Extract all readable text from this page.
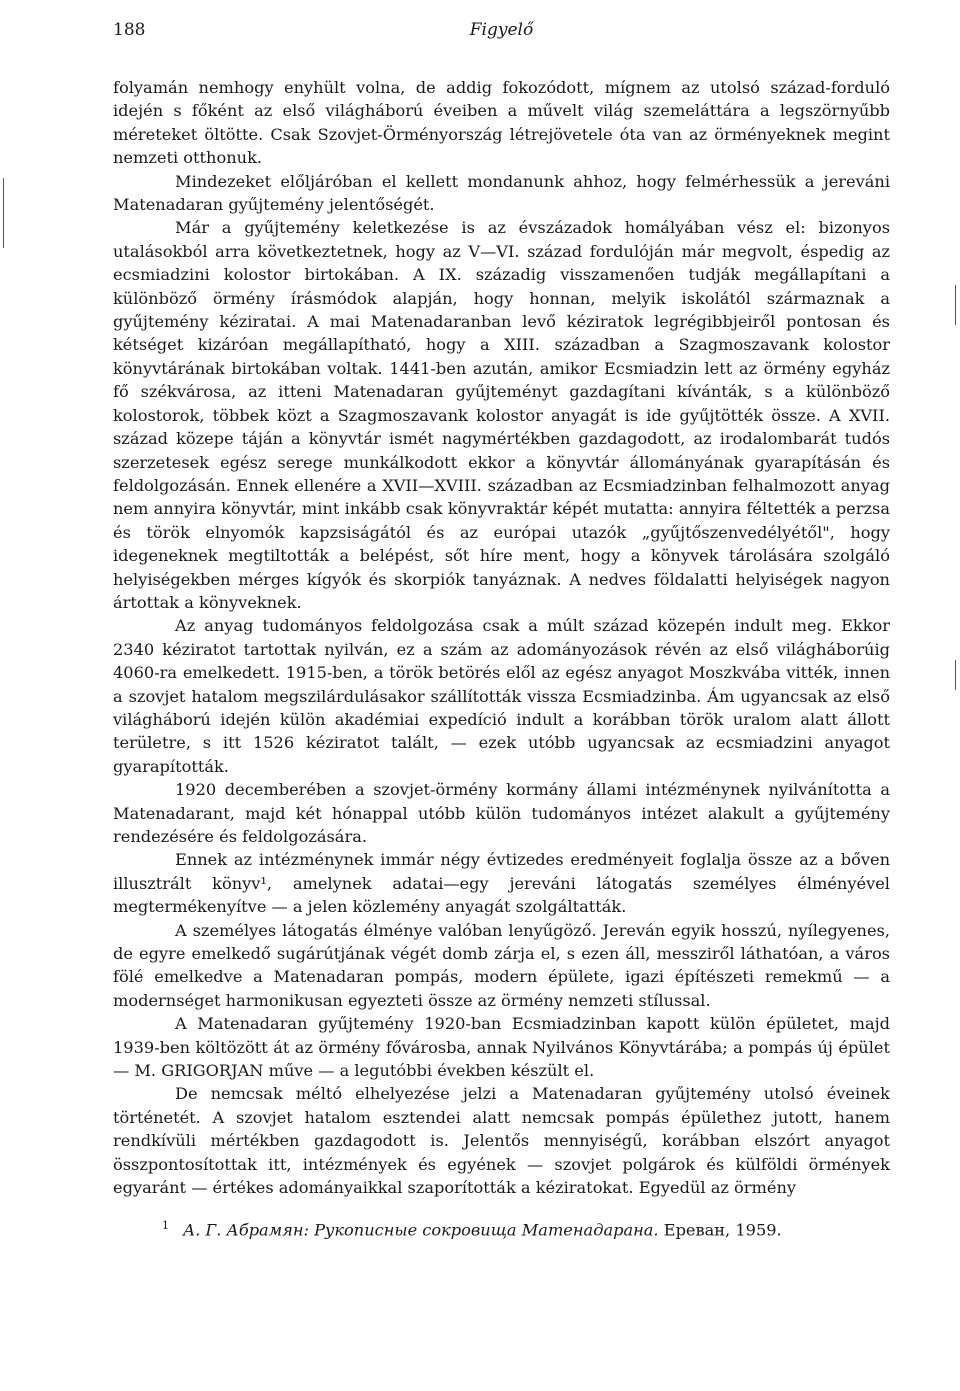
188	Figyelő

folyamán nemhogy enyhült volna, de addig fokozódott, mígnem az utolsó század-forduló idején s főként az első világháború éveiben a művelt világ szemeláttára a legszörnyűbb méreteket öltötte. Csak Szovjet-Örményország létrejövetele óta van az örményeknek megint nemzeti otthonuk.

Mindezeket előljáróban el kellett mondanunk ahhoz, hogy felmérhessük a jereváni Matenadaran gyűjtemény jelentőségét.

Már a gyűjtemény keletkezése is az évszázadok homályában vész el: bizonyos utalásokból arra következtetnek, hogy az V—VI. század fordulóján már megvolt, éspedig az ecsmiadzini kolostor birtokában. A IX. századig visszamenően tudják megállapítani a különböző örmény írásmódok alapján, hogy honnan, melyik iskolától származnak a gyűjtemény kéziratai. A mai Matenadaranban levő kéziratok legrégibbjeiről pontosan és kétséget kizáróan megállapítható, hogy a XIII. században a Szagmoszavank kolostor könyvtárának birtokában voltak. 1441-ben azután, amikor Ecsmiadzin lett az örmény egyház fő székvárosa, az itteni Matenadaran gyűjteményt gazdagítani kívánták, s a különböző kolostorok, többek közt a Szagmoszavank kolostor anyagát is ide gyűjtötték össze. A XVII. század közepe táján a könyvtár ismét nagymértékben gazdagodott, az irodalombarát tudós szerzetesek egész serege munkálkodott ekkor a könyvtár állományának gyarapításán és feldolgozásán. Ennek ellenére a XVII—XVIII. században az Ecsmiadzinban felhalmozott anyag nem annyira könyvtár, mint inkább csak könyvraktár képét mutatta: annyira féltették a perzsa és török elnyomók kapzsiságától és az európai utazók „gyűjtőszenvedélyétől", hogy idegeneknek megtiltották a belépést, sőt híre ment, hogy a könyvek tárolására szolgáló helyiségekben mérges kígyók és skorpiók tanyáznak. A nedves földalatti helyiségek nagyon ártottak a könyveknek.

Az anyag tudományos feldolgozása csak a múlt század közepén indult meg. Ekkor 2340 kéziratot tartottak nyilván, ez a szám az adományozások révén az első világháborúig 4060-ra emelkedett. 1915-ben, a török betörés elől az egész anyagot Moszkvába vitték, innen a szovjet hatalom megszilárdulásakor szállították vissza Ecsmiadzinba. Ám ugyancsak az első világháború idején külön akadémiai expedíció indult a korábban török uralom alatt állott területre, s itt 1526 kéziratot talált, — ezek utóbb ugyancsak az ecsmiadzini anyagot gyarapították.

1920 decemberében a szovjet-örmény kormány állami intézménynek nyilvánította a Matenadarant, majd két hónappal utóbb külön tudományos intézet alakult a gyűjtemény rendezésére és feldolgozására.

Ennek az intézménynek immár négy évtizedes eredményeit foglalja össze az a bőven illusztrált könyv¹, amelynek adatai—egy jereváni látogatás személyes élményével megtermékenyítve — a jelen közlemény anyagát szolgáltatták.

A személyes látogatás élménye valóban lenyűgöző. Jereván egyik hosszú, nyílegyenes, de egyre emelkedő sugárútjának végét domb zárja el, s ezen áll, messziről láthatóan, a város fölé emelkedve a Matenadaran pompás, modern épülete, igazi építészeti remekmű — a modernséget harmonikusan egyezteti össze az örmény nemzeti stílussal.

A Matenadaran gyűjtemény 1920-ban Ecsmiadzinban kapott külön épületet, majd 1939-ben költözött át az örmény fővárosba, annak Nyilvános Könyvtárába; a pompás új épület — M. GRIGORJAN műve — a legutóbbi években készült el.

De nemcsak méltó elhelyezése jelzi a Matenadaran gyűjtemény utolsó éveinek történetét. A szovjet hatalom esztendei alatt nemcsak pompás épülethez jutott, hanem rendkívüli mértékben gazdagodott is. Jelentős mennyiségű, korábban elszórt anyagot összpontosítottak itt, intézmények és egyének — szovjet polgárok és külföldi örmények egyaránt — értékes adományaikkal szaporították a kéziratokat. Egyedül az örmény

$^1$ А. Г. Абрамян: Рукописные сокровища Матенадарана. Ереван, 1959.
